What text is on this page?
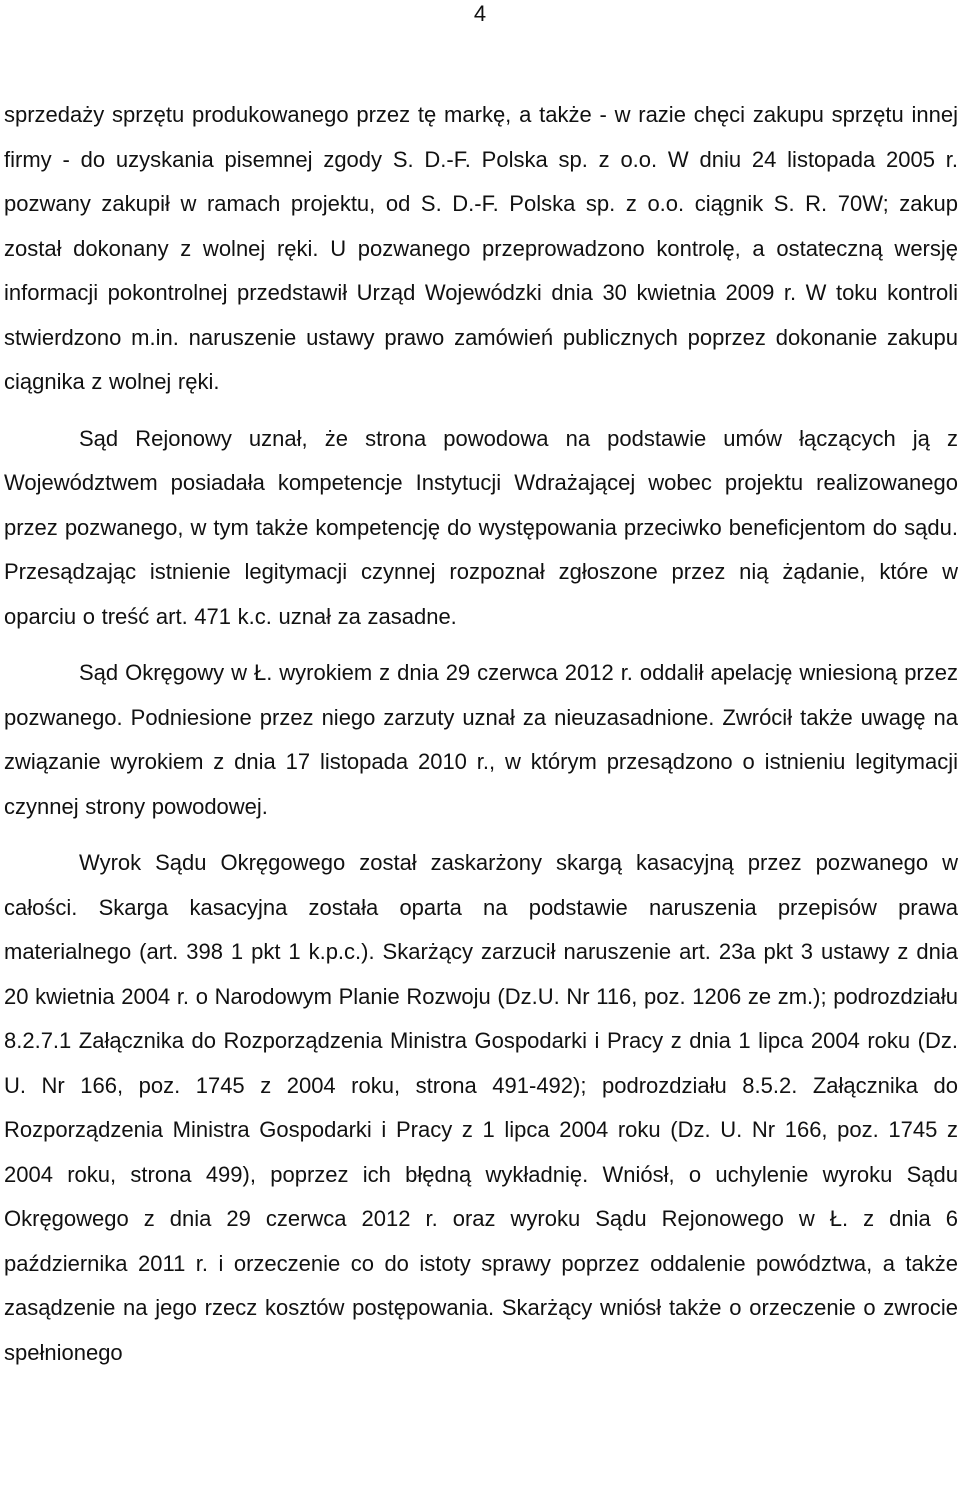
4

sprzedaży sprzętu produkowanego przez tę markę, a także - w razie chęci zakupu sprzętu innej firmy - do uzyskania pisemnej zgody S. D.-F. Polska sp. z o.o. W dniu 24 listopada 2005 r. pozwany zakupił w ramach projektu, od S. D.-F. Polska sp. z o.o. ciągnik S. R. 70W; zakup został dokonany z wolnej ręki. U pozwanego przeprowadzono kontrolę, a ostateczną wersję informacji pokontrolnej przedstawił Urząd Wojewódzki dnia 30 kwietnia 2009 r. W toku kontroli stwierdzono m.in. naruszenie ustawy prawo zamówień publicznych poprzez dokonanie zakupu ciągnika z wolnej ręki.

Sąd Rejonowy uznał, że strona powodowa na podstawie umów łączących ją z Województwem posiadała kompetencje Instytucji Wdrażającej wobec projektu realizowanego przez pozwanego, w tym także kompetencję do występowania przeciwko beneficjentom do sądu. Przesądzając istnienie legitymacji czynnej rozpoznał zgłoszone przez nią żądanie, które w oparciu o treść art. 471 k.c. uznał za zasadne.

Sąd Okręgowy w Ł. wyrokiem z dnia 29 czerwca 2012 r. oddalił apelację wniesioną przez pozwanego. Podniesione przez niego zarzuty uznał za nieuzasadnione. Zwrócił także uwagę na związanie wyrokiem z dnia 17 listopada 2010 r., w którym przesądzono o istnieniu legitymacji czynnej strony powodowej.

Wyrok Sądu Okręgowego został zaskarżony skargą kasacyjną przez pozwanego w całości. Skarga kasacyjna została oparta na podstawie naruszenia przepisów prawa materialnego (art. 398 1 pkt 1 k.p.c.). Skarżący zarzucił naruszenie art. 23a pkt 3 ustawy z dnia 20 kwietnia 2004 r. o Narodowym Planie Rozwoju (Dz.U. Nr 116, poz. 1206 ze zm.); podrozdziału 8.2.7.1 Załącznika do Rozporządzenia Ministra Gospodarki i Pracy z dnia 1 lipca 2004 roku (Dz. U. Nr 166, poz. 1745 z 2004 roku, strona 491-492); podrozdziału 8.5.2. Załącznika do Rozporządzenia Ministra Gospodarki i Pracy z 1 lipca 2004 roku (Dz. U. Nr 166, poz. 1745 z 2004 roku, strona 499), poprzez ich błędną wykładnię. Wniósł, o uchylenie wyroku Sądu Okręgowego z dnia 29 czerwca 2012 r. oraz wyroku Sądu Rejonowego w Ł. z dnia 6 października 2011 r. i orzeczenie co do istoty sprawy poprzez oddalenie powództwa, a także zasądzenie na jego rzecz kosztów postępowania. Skarżący wniósł także o orzeczenie o zwrocie spełnionego
